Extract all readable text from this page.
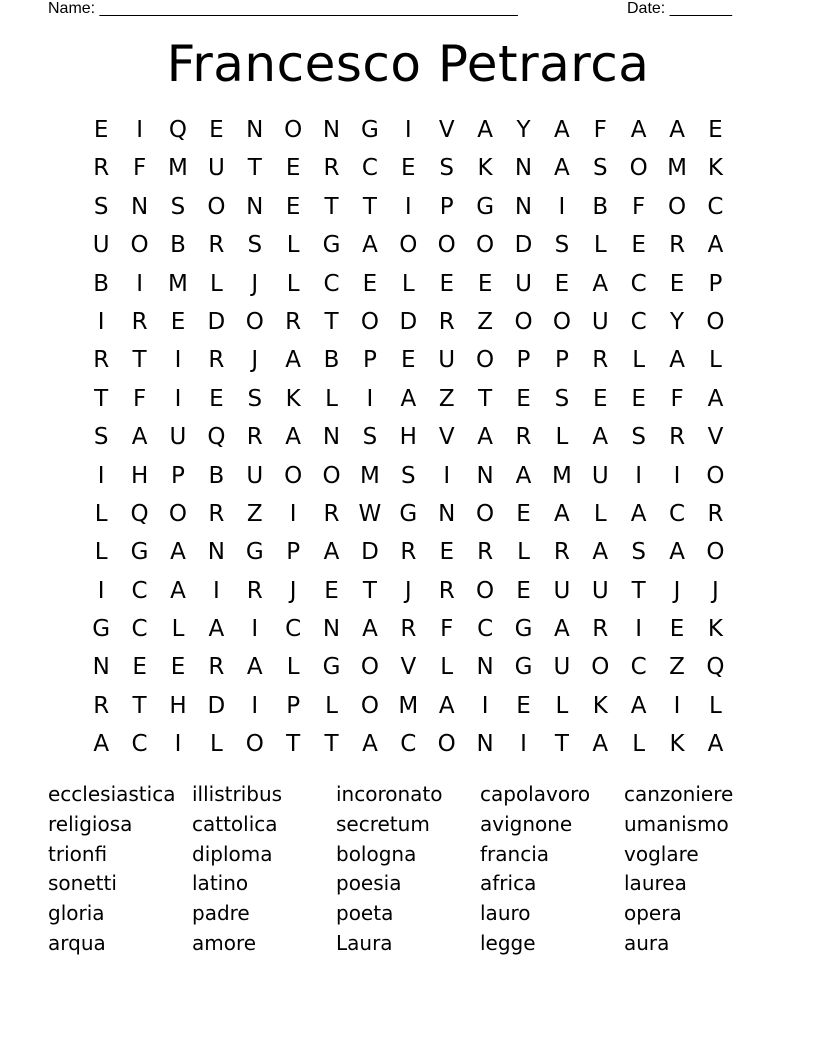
Name: _______________________________________________	Date: _______
Francesco Petrarca
E	I	Q E N O N G	I	V A	Y	A	F	A A	E
R	F M U T	E	R C	E	S	K N A	S O M K
S N S O N E	T	T	I	P G N	I	B	F O C
U O B R	S	L	G A O O O D S	L	E	R A
B	I	M L	J	L	C	E	L	E	E U E	A C	E	P
I	R	E D O R	T O D R Z O O U C	Y O
R	T	I	R	J	A B	P	E U O P	P	R	L	A	L
T	F	I	E	S	K	L	I	A Z	T	E	S	E	E	F	A
S	A U Q R A N S H V A R	L	A	S	R V
I	H P	B U O O M S	I	N A M U	I	I	O
L Q O R Z	I	R W G N O E	A	L	A C R
L	G A N G P	A D R	E	R	L	R A	S	A O
I	C A	I	R	J	E	T	J	R O E U U T	J	J
G C	L	A	I	C N A R	F	C G A R	I	E	K
N E	E	R A	L	G O V	L	N G U O C Z Q
R	T H D	I	P	L O M A	I	E	L	K A	I	L
A C	I	L O T	T	A C O N	I	T	A	L	K A
ecclesiastica illistribus	incoronato	capolavoro	canzoniere
religiosa	cattolica	secretum	avignone	umanismo
trionfi	diploma	bologna	francia	voglare
sonetti	latino	poesia	africa	laurea
gloria	padre	poeta	lauro	opera
arqua	amore	Laura	legge	aura
